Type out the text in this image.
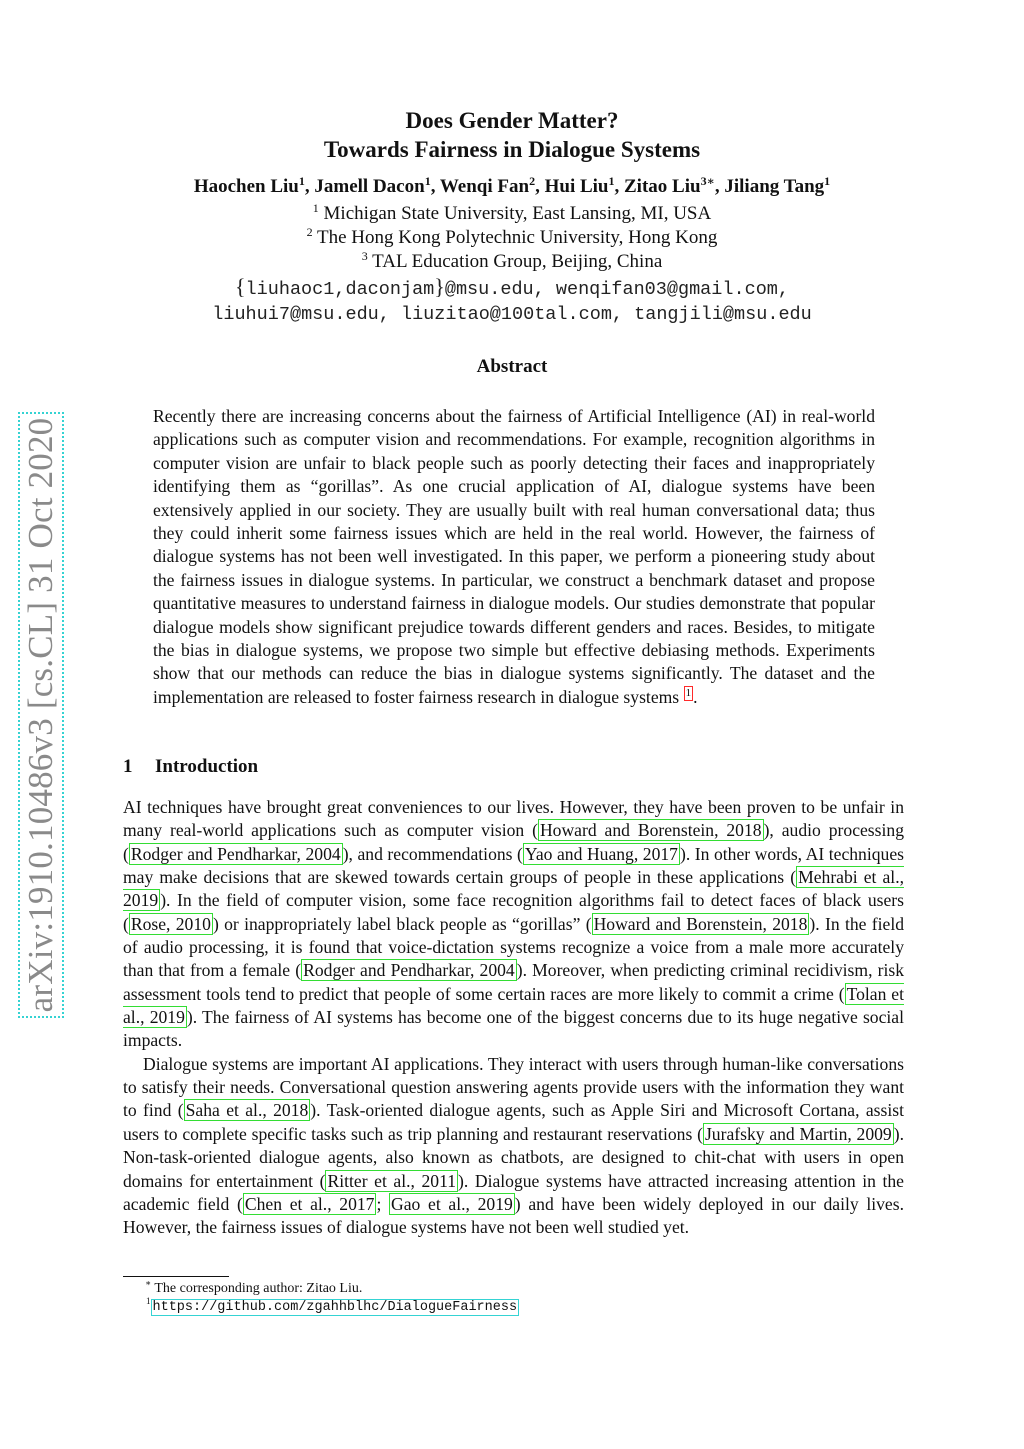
arXiv:1910.10486v3 [cs.CL] 31 Oct 2020
Does Gender Matter?
Towards Fairness in Dialogue Systems
Haochen Liu$^1$, Jamell Dacon$^1$, Wenqi Fan$^2$, Hui Liu$^1$, Zitao Liu$^{3∗}$, Jiliang Tang$^1$
$^1$ Michigan State University, East Lansing, MI, USA
$^2$ The Hong Kong Polytechnic University, Hong Kong
$^3$ TAL Education Group, Beijing, China
{liuhaoc1,daconjam}@msu.edu, wenqifan03@gmail.com,
liuhui7@msu.edu, liuzitao@100tal.com, tangjili@msu.edu
Abstract

Recently there are increasing concerns about the fairness of Artificial Intelligence (AI) in real-world applications such as computer vision and recommendations. For example, recognition algorithms in computer vision are unfair to black people such as poorly detecting their faces and inappropriately identifying them as “gorillas”. As one crucial application of AI, dialogue systems have been extensively applied in our society. They are usually built with real human conversational data; thus they could inherit some fairness issues which are held in the real world. However, the fairness of dialogue systems has not been well investigated. In this paper, we perform a pioneering study about the fairness issues in dialogue systems. In particular, we construct a benchmark dataset and propose quantitative measures to understand fairness in dialogue models. Our studies demonstrate that popular dialogue models show significant prejudice towards different genders and races. Besides, to mitigate the bias in dialogue systems, we propose two simple but effective debiasing methods. Experiments show that our methods can reduce the bias in dialogue systems significantly. The dataset and the implementation are released to foster fairness research in dialogue systems 1 .

1 Introduction

AI techniques have brought great conveniences to our lives. However, they have been proven to be unfair in many real-world applications such as computer vision ( Howard and Borenstein, 2018 ), audio processing ( Rodger and Pendharkar, 2004 ), and recommendations ( Yao and Huang, 2017 ). In other words, AI techniques may make decisions that are skewed towards certain groups of people in these applications ( Mehrabi et al., 2019 ). In the field of computer vision, some face recognition algorithms fail to detect faces of black users ( Rose, 2010 ) or inappropriately label black people as “gorillas” ( Howard and Borenstein, 2018 ). In the field of audio processing, it is found that voice-dictation systems recognize a voice from a male more accurately than that from a female ( Rodger and Pendharkar, 2004 ). Moreover, when predicting criminal recidivism, risk assessment tools tend to predict that people of some certain races are more likely to commit a crime ( Tolan et al., 2019 ). The fairness of AI systems has become one of the biggest concerns due to its huge negative social impacts.

Dialogue systems are important AI applications. They interact with users through human-like conversations to satisfy their needs. Conversational question answering agents provide users with the information they want to find ( Saha et al., 2018 ). Task-oriented dialogue agents, such as Apple Siri and Microsoft Cortana, assist users to complete specific tasks such as trip planning and restaurant reservations ( Jurafsky and Martin, 2009 ). Non-task-oriented dialogue agents, also known as chatbots, are designed to chit-chat with users in open domains for entertainment ( Ritter et al., 2011 ). Dialogue systems have attracted increasing attention in the academic field ( Chen et al., 2017 ; Gao et al., 2019 ) and have been widely deployed in our daily lives. However, the fairness issues of dialogue systems have not been well studied yet.

∗ The corresponding author: Zitao Liu.
$^1$ https://github.com/zgahhblhc/DialogueFairness
